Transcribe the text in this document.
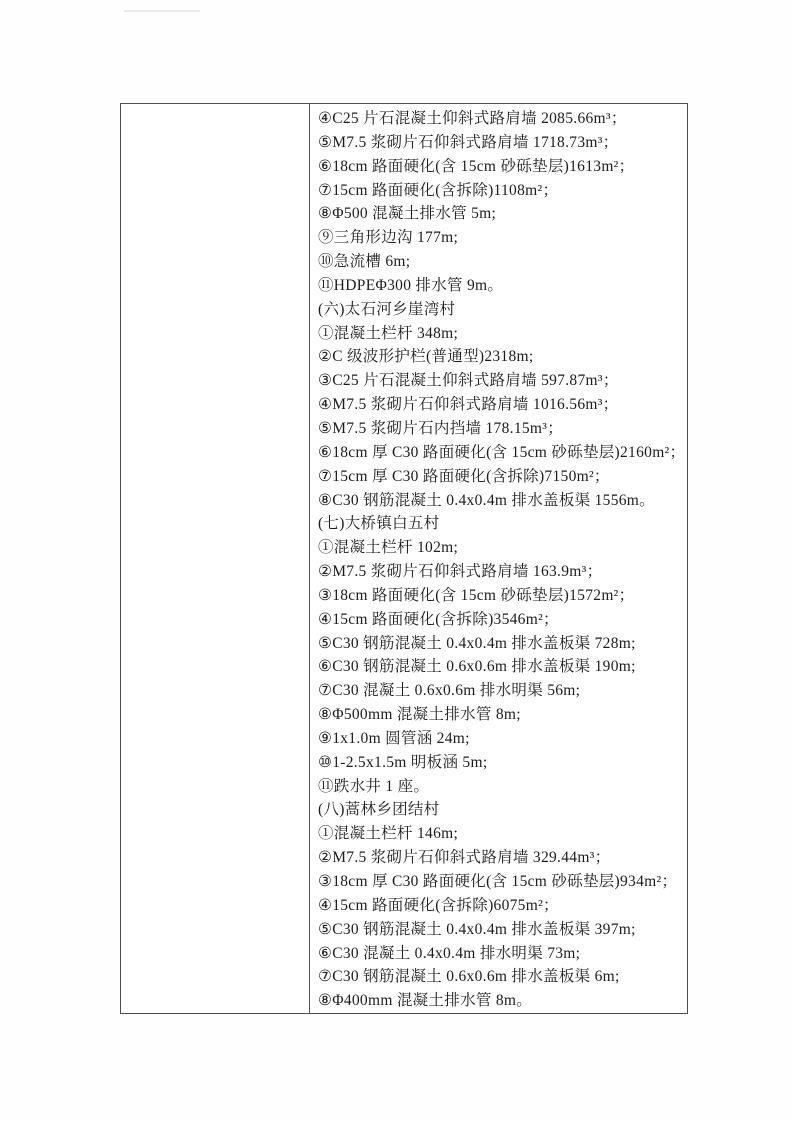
④C25 片石混凝土仰斜式路肩墙 2085.66m³；
⑤M7.5 浆砌片石仰斜式路肩墙 1718.73m³；
⑥18cm 路面硬化(含 15cm 砂砾垫层)1613m²；
⑦15cm 路面硬化(含拆除)1108m²；
⑧Φ500 混凝土排水管 5m;
⑨三角形边沟 177m;
⑩急流槽 6m;
⑪HDPEΦ300 排水管 9m。
(六)太石河乡崖湾村
①混凝土栏杆 348m;
②C 级波形护栏(普通型)2318m;
③C25 片石混凝土仰斜式路肩墙 597.87m³；
④M7.5 浆砌片石仰斜式路肩墙 1016.56m³；
⑤M7.5 浆砌片石内挡墙 178.15m³；
⑥18cm 厚 C30 路面硬化(含 15cm 砂砾垫层)2160m²；
⑦15cm 厚 C30 路面硬化(含拆除)7150m²；
⑧C30 钢筋混凝土 0.4x0.4m 排水盖板渠 1556m。
(七)大桥镇白五村
①混凝土栏杆 102m;
②M7.5 浆砌片石仰斜式路肩墙 163.9m³；
③18cm 路面硬化(含 15cm 砂砾垫层)1572m²；
④15cm 路面硬化(含拆除)3546m²；
⑤C30 钢筋混凝土 0.4x0.4m 排水盖板渠 728m;
⑥C30 钢筋混凝土 0.6x0.6m 排水盖板渠 190m;
⑦C30 混凝土 0.6x0.6m 排水明渠 56m;
⑧Φ500mm 混凝土排水管 8m;
⑨1x1.0m 圆管涵 24m;
⑩1-2.5x1.5m 明板涵 5m;
⑪跌水井 1 座。
(八)蒿林乡团结村
①混凝土栏杆 146m;
②M7.5 浆砌片石仰斜式路肩墙 329.44m³；
③18cm 厚 C30 路面硬化(含 15cm 砂砾垫层)934m²；
④15cm 路面硬化(含拆除)6075m²；
⑤C30 钢筋混凝土 0.4x0.4m 排水盖板渠 397m;
⑥C30 混凝土 0.4x0.4m 排水明渠 73m;
⑦C30 钢筋混凝土 0.6x0.6m 排水盖板渠 6m;
⑧Φ400mm 混凝土排水管 8m。
